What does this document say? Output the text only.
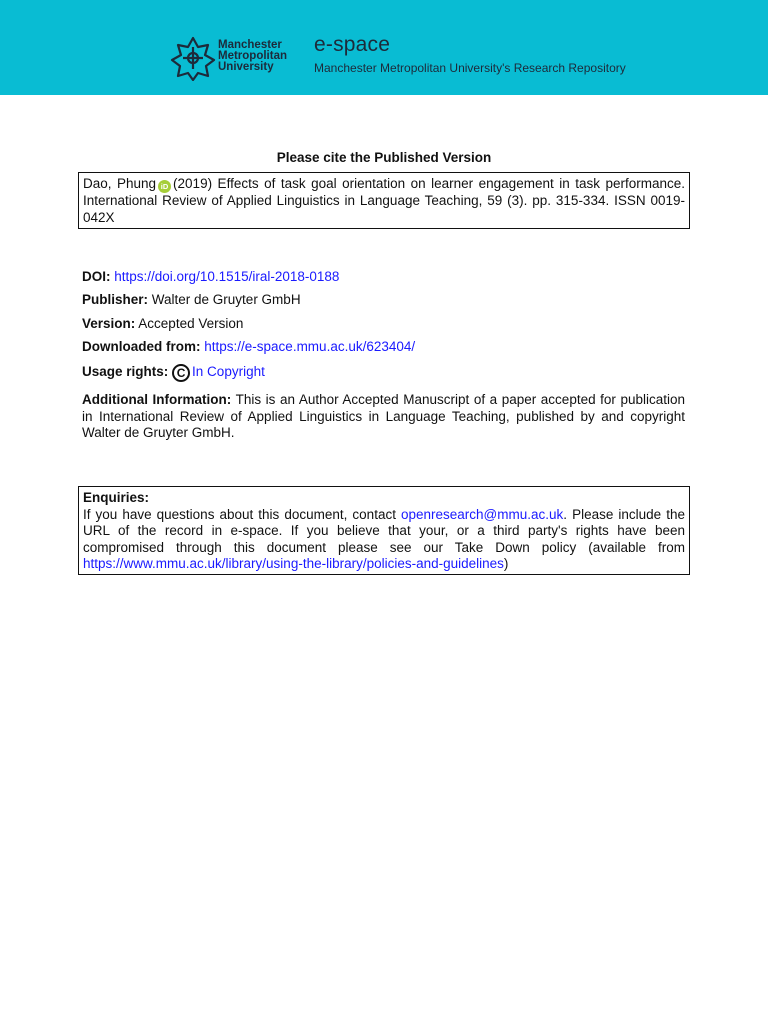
Manchester
Metropolitan
University
e-space
Manchester Metropolitan University's Research Repository
Please cite the Published Version
Dao, Phung iD (2019) Effects of task goal orientation on learner engagement in task performance. International Review of Applied Linguistics in Language Teaching, 59 (3). pp. 315-334. ISSN 0019-042X
DOI: https://doi.org/10.1515/iral-2018-0188
Publisher: Walter de Gruyter GmbH
Version: Accepted Version
Downloaded from: https://e-space.mmu.ac.uk/623404/
Usage rights: C In Copyright
Additional Information: This is an Author Accepted Manuscript of a paper accepted for publication in International Review of Applied Linguistics in Language Teaching, published by and copyright Walter de Gruyter GmbH.
Enquiries:
If you have questions about this document, contact openresearch@mmu.ac.uk. Please include the URL of the record in e-space. If you believe that your, or a third party's rights have been compromised through this document please see our Take Down policy (available from https://www.mmu.ac.uk/library/using-the-library/policies-and-guidelines)
